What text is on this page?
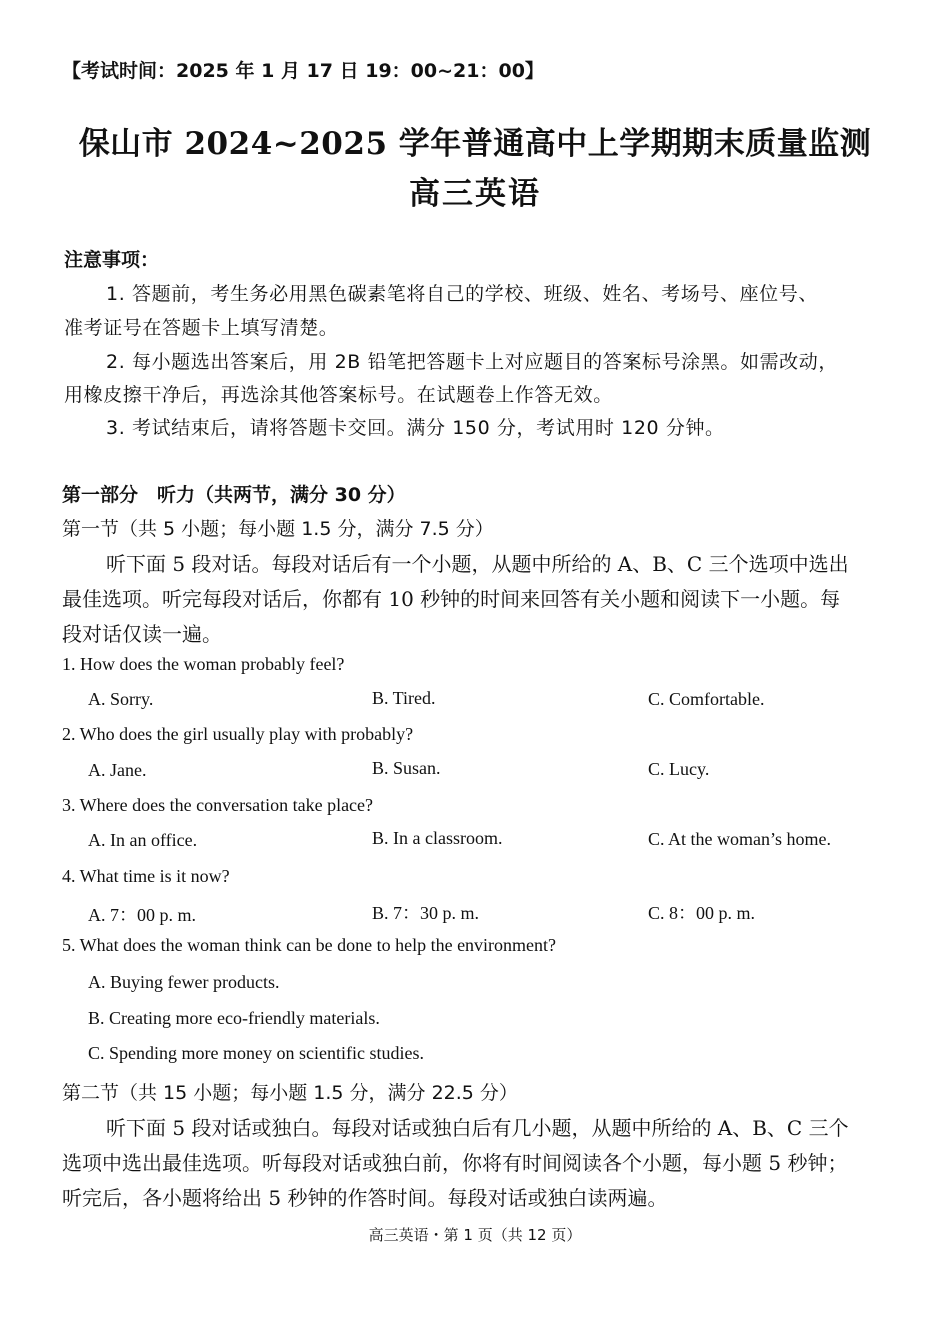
【考试时间：2025 年 1 月 17 日 19：00~21：00】
保山市 2024~2025 学年普通高中上学期期末质量监测
高三英语
注意事项：
1. 答题前，考生务必用黑色碳素笔将自己的学校、班级、姓名、考场号、座位号、
准考证号在答题卡上填写清楚。
2. 每小题选出答案后，用 2B 铅笔把答题卡上对应题目的答案标号涂黑。如需改动，
用橡皮擦干净后，再选涂其他答案标号。在试题卷上作答无效。
3. 考试结束后，请将答题卡交回。满分 150 分，考试用时 120 分钟。
第一部分　听力（共两节，满分 30 分）
第一节（共 5 小题；每小题 1.5 分，满分 7.5 分）
听下面 5 段对话。每段对话后有一个小题，从题中所给的 A、B、C 三个选项中选出
最佳选项。听完每段对话后，你都有 10 秒钟的时间来回答有关小题和阅读下一小题。每
段对话仅读一遍。
1. How does the woman probably feel?
A. Sorry.	B. Tired.	C. Comfortable.
2. Who does the girl usually play with probably?
A. Jane.	B. Susan.	C. Lucy.
3. Where does the conversation take place?
A. In an office.	B. In a classroom.	C. At the woman’s home.
4. What time is it now?
A. 7：00 p. m.	B. 7：30 p. m.	C. 8：00 p. m.
5. What does the woman think can be done to help the environment?
A. Buying fewer products.
B. Creating more eco-friendly materials.
C. Spending more money on scientific studies.
第二节（共 15 小题；每小题 1.5 分，满分 22.5 分）
听下面 5 段对话或独白。每段对话或独白后有几小题，从题中所给的 A、B、C 三个
选项中选出最佳选项。听每段对话或独白前，你将有时间阅读各个小题，每小题 5 秒钟；
听完后，各小题将给出 5 秒钟的作答时间。每段对话或独白读两遍。
高三英语・第 1 页（共 12 页）
